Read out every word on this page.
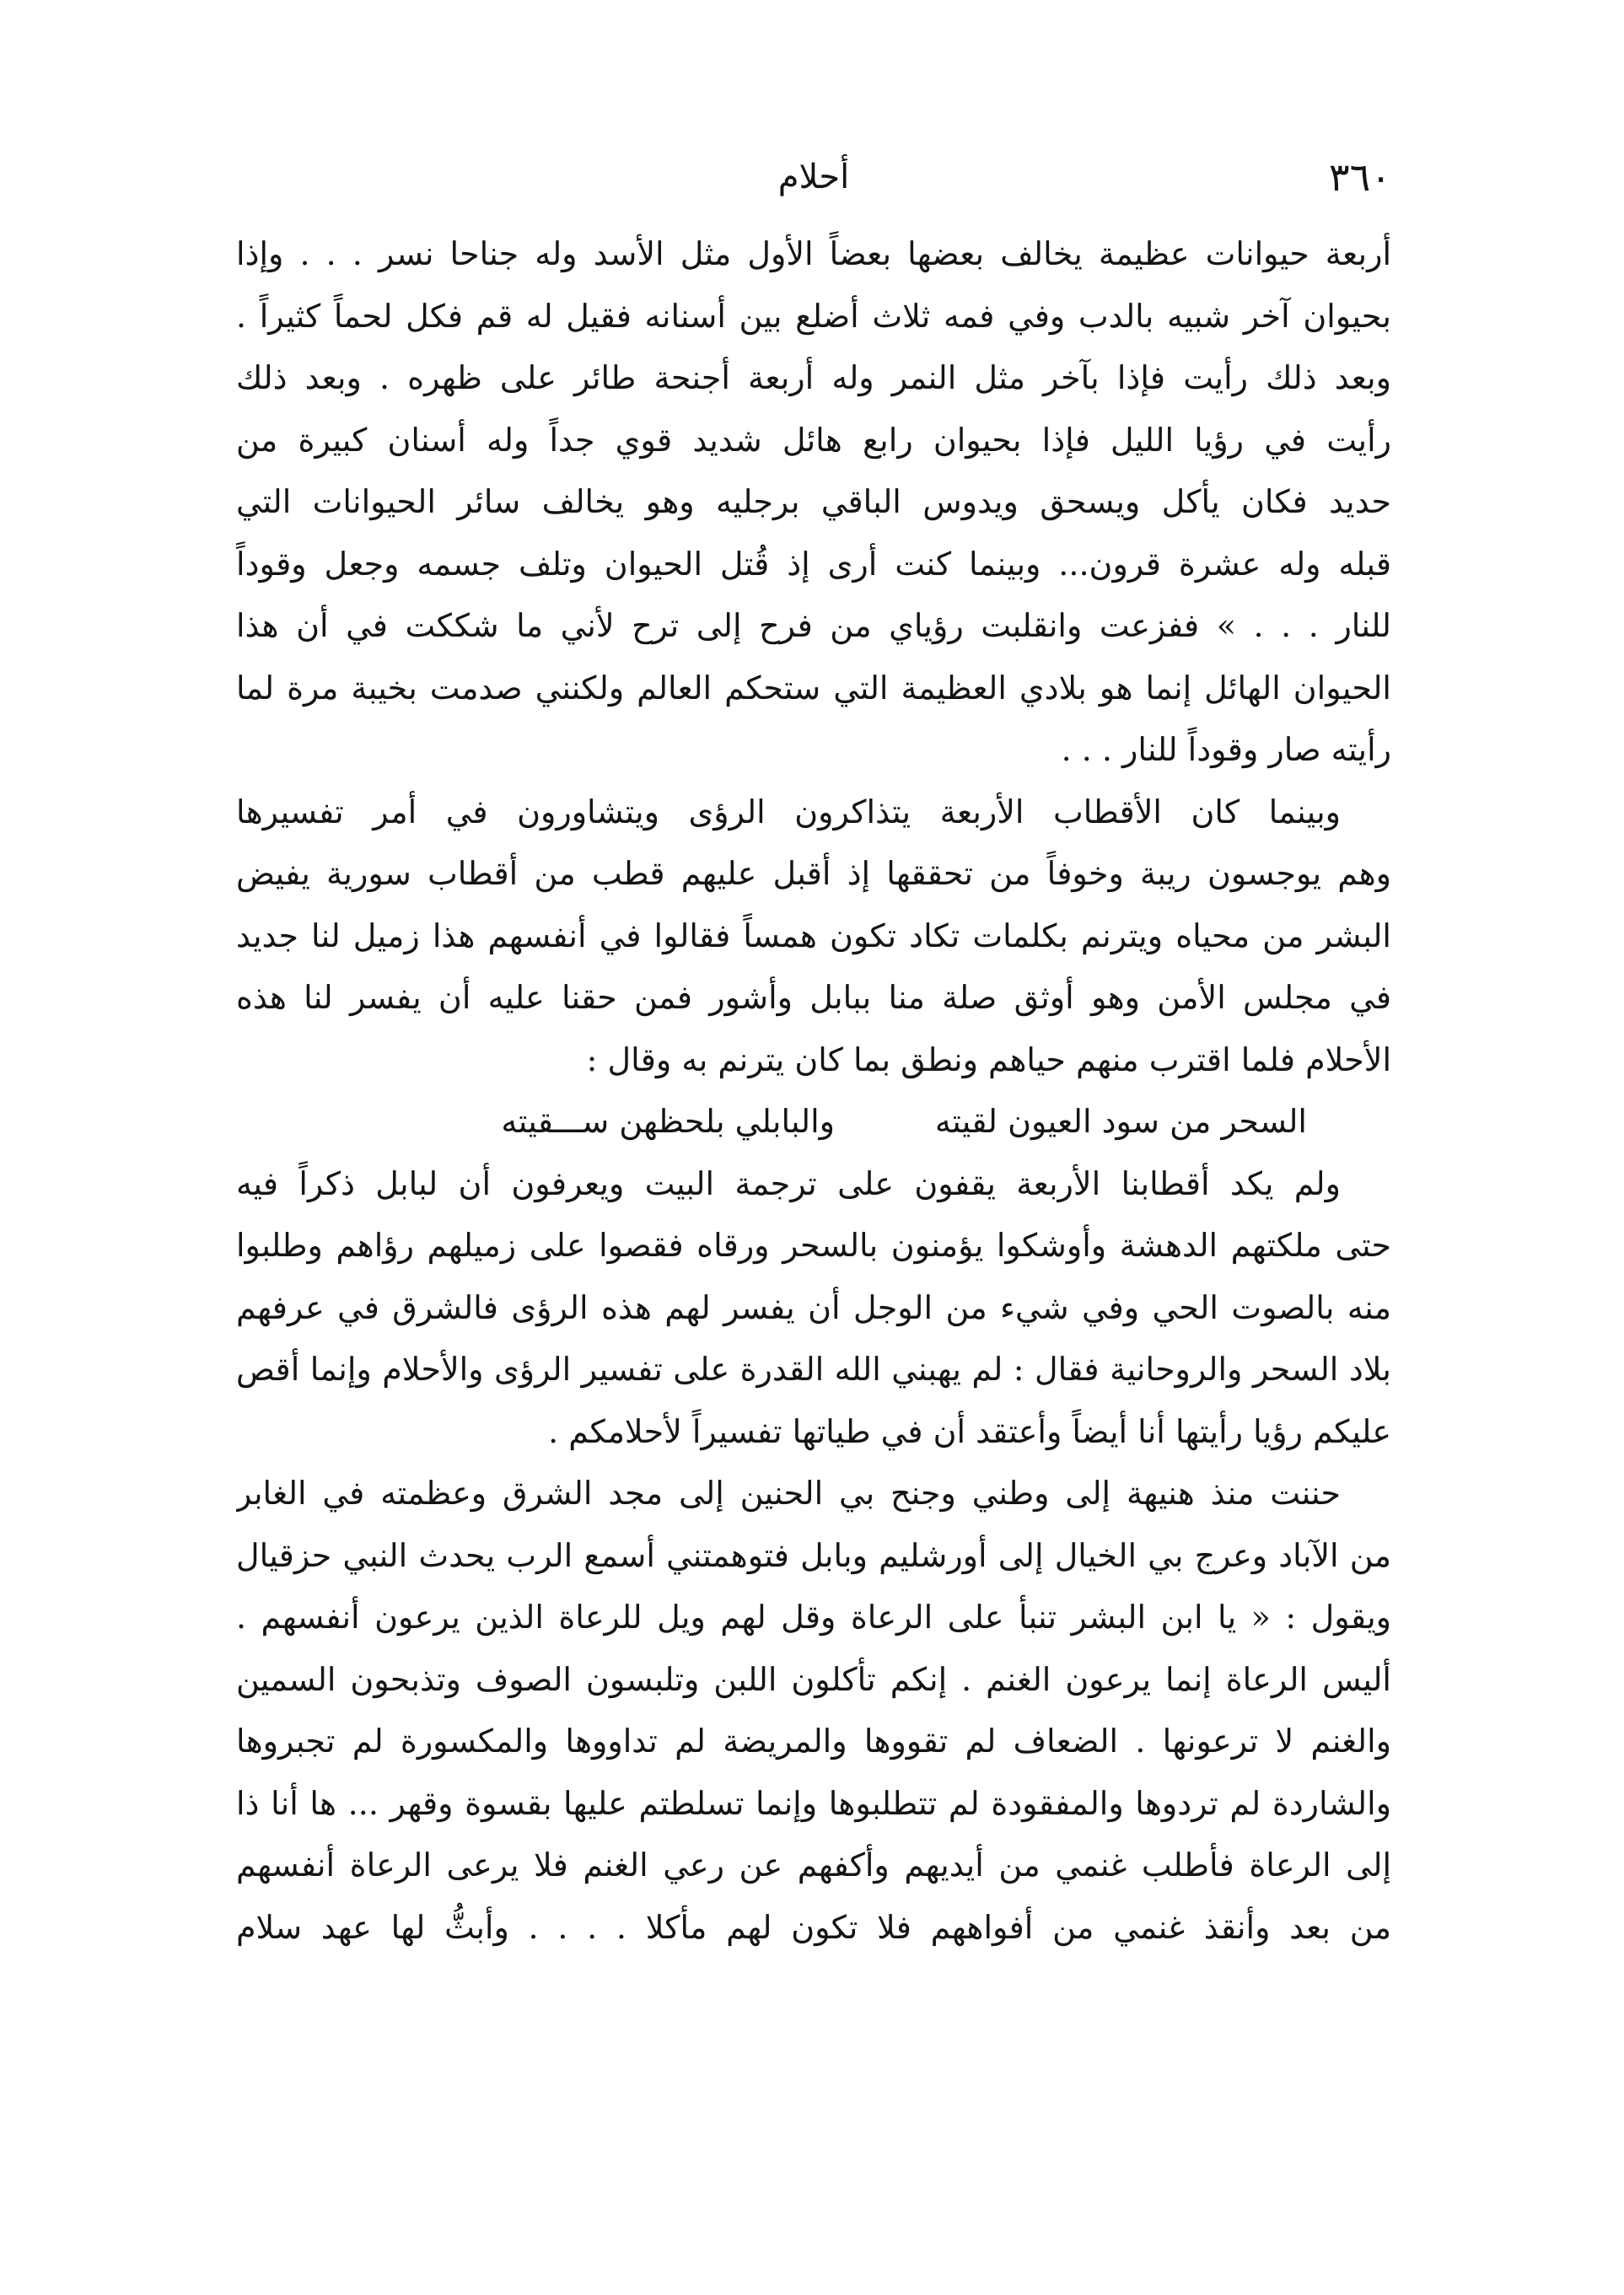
٣٦٠
أحلام
أربعة حيوانات عظيمة يخالف بعضها بعضاً الأول مثل الأسد وله جناحا نسر . . . وإذا
بحيوان آخر شبيه بالدب وفي فمه ثلاث أضلع بين أسنانه فقيل له قم فكل لحماً كثيراً .
وبعد ذلك رأيت فإذا بآخر مثل النمر وله أربعة أجنحة طائر على ظهره . وبعد ذلك
رأيت في رؤيا الليل فإذا بحيوان رابع هائل شديد قوي جداً وله أسنان كبيرة من
حديد فكان يأكل ويسحق ويدوس الباقي برجليه وهو يخالف سائر الحيوانات التي
قبله وله عشرة قرون... وبينما كنت أرى إذ قُتل الحيوان وتلف جسمه وجعل وقوداً
للنار . . . » ففزعت وانقلبت رؤياي من فرح إلى ترح لأني ما شككت في أن هذا
الحيوان الهائل إنما هو بلادي العظيمة التي ستحكم العالم ولكنني صدمت بخيبة مرة لما
رأيته صار وقوداً للنار . . .
وبينما كان الأقطاب الأربعة يتذاكرون الرؤى ويتشاورون في أمر تفسيرها
وهم يوجسون ريبة وخوفاً من تحققها إذ أقبل عليهم قطب من أقطاب سورية يفيض
البشر من محياه ويترنم بكلمات تكاد تكون همساً فقالوا في أنفسهم هذا زميل لنا جديد
في مجلس الأمن وهو أوثق صلة منا ببابل وأشور فمن حقنا عليه أن يفسر لنا هذه
الأحلام فلما اقترب منهم حياهم ونطق بما كان يترنم به وقال :
السحر من سود العيون لقيته
والبابلي بلحظهن ســـقيته
ولم يكد أقطابنا الأربعة يقفون على ترجمة البيت ويعرفون أن لبابل ذكراً فيه
حتى ملكتهم الدهشة وأوشكوا يؤمنون بالسحر ورقاه فقصوا على زميلهم رؤاهم وطلبوا
منه بالصوت الحي وفي شيء من الوجل أن يفسر لهم هذه الرؤى فالشرق في عرفهم
بلاد السحر والروحانية فقال : لم يهبني الله القدرة على تفسير الرؤى والأحلام وإنما أقص
عليكم رؤيا رأيتها أنا أيضاً وأعتقد أن في طياتها تفسيراً لأحلامكم .
حننت منذ هنيهة إلى وطني وجنح بي الحنين إلى مجد الشرق وعظمته في الغابر
من الآباد وعرج بي الخيال إلى أورشليم وبابل فتوهمتني أسمع الرب يحدث النبي حزقيال
ويقول : « يا ابن البشر تنبأ على الرعاة وقل لهم ويل للرعاة الذين يرعون أنفسهم .
أليس الرعاة إنما يرعون الغنم . إنكم تأكلون اللبن وتلبسون الصوف وتذبحون السمين
والغنم لا ترعونها . الضعاف لم تقووها والمريضة لم تداووها والمكسورة لم تجبروها
والشاردة لم تردوها والمفقودة لم تتطلبوها وإنما تسلطتم عليها بقسوة وقهر ... ها أنا ذا
إلى الرعاة فأطلب غنمي من أيديهم وأكفهم عن رعي الغنم فلا يرعى الرعاة أنفسهم
من بعد وأنقذ غنمي من أفواههم فلا تكون لهم مأكلا . . . . وأبثُّ لها عهد سلام
